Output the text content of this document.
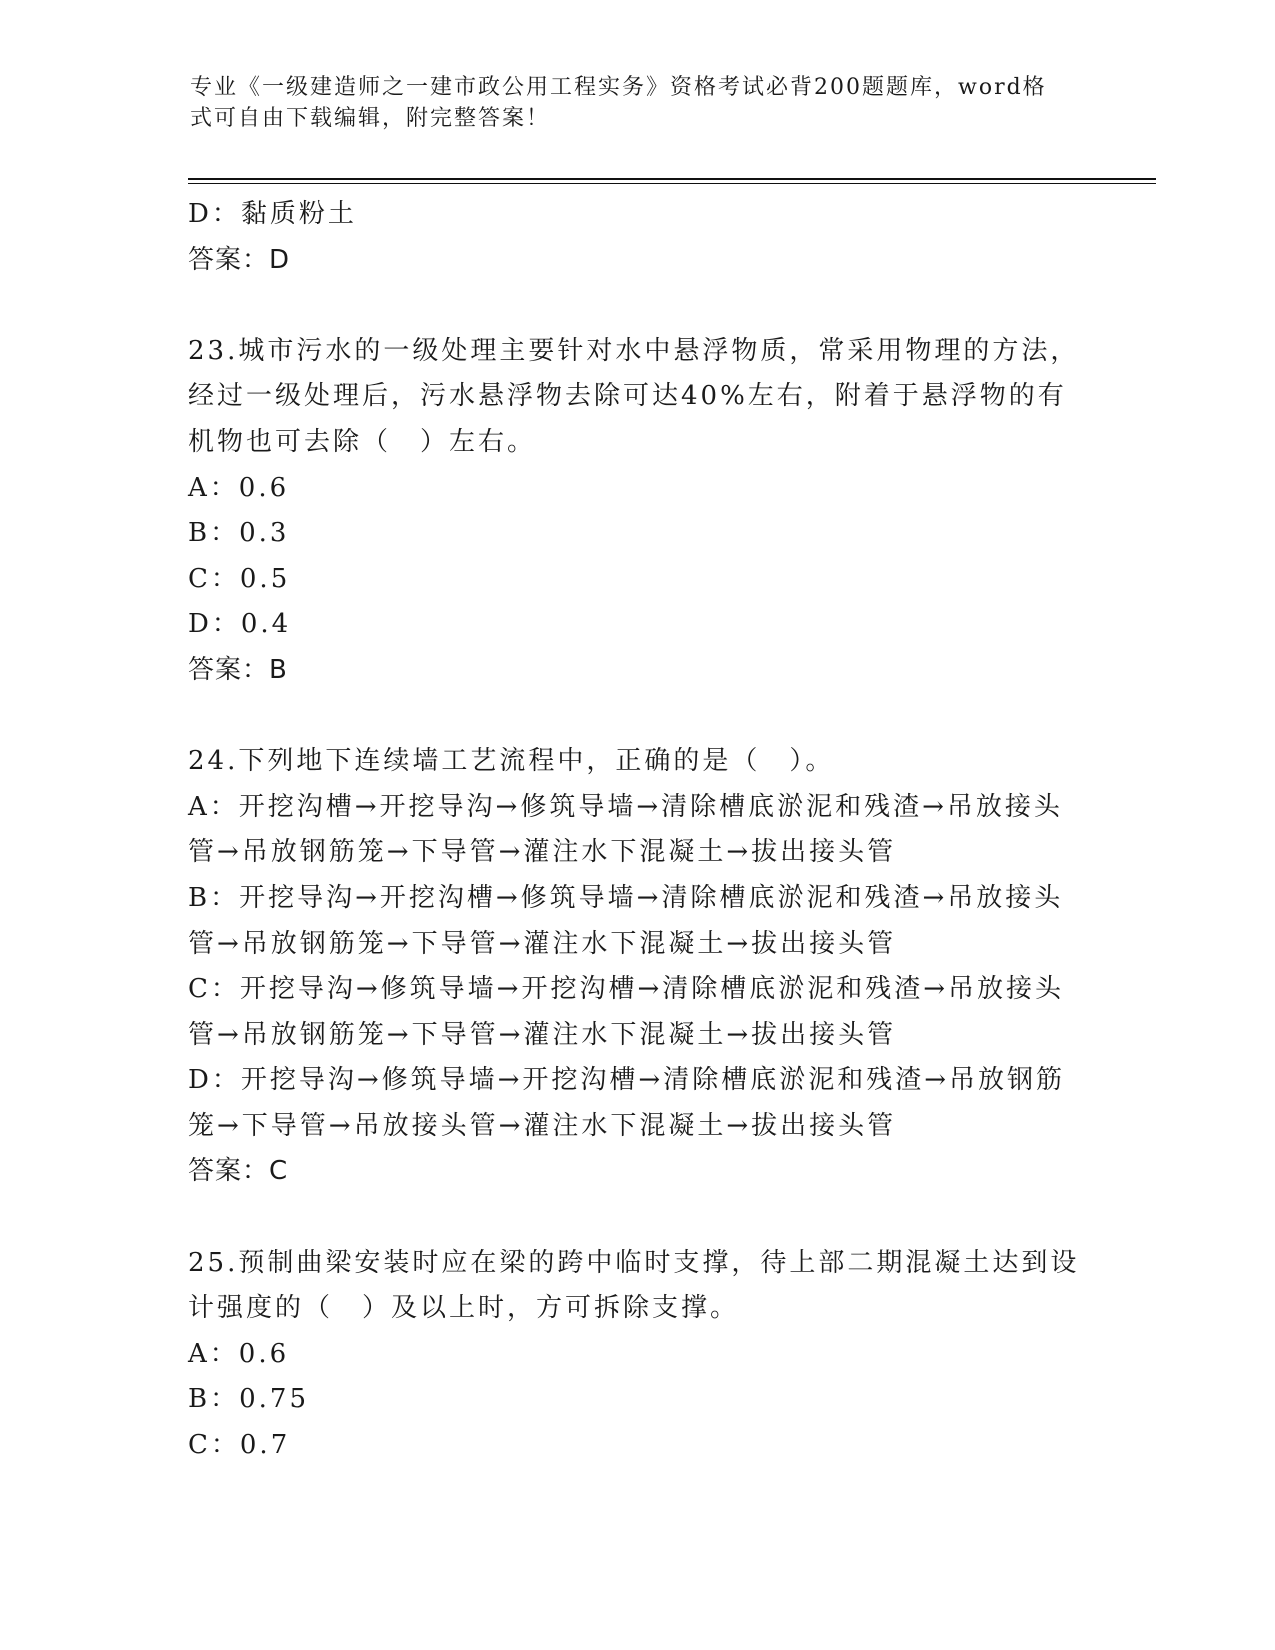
专业《一级建造师之一建市政公用工程实务》资格考试必背200题题库，word格
式可自由下载编辑，附完整答案！
D：黏质粉土
答案：D
23.城市污水的一级处理主要针对水中悬浮物质，常采用物理的方法，
经过一级处理后，污水悬浮物去除可达40%左右，附着于悬浮物的有
机物也可去除（　）左右。
A：0.6
B：0.3
C：0.5
D：0.4
答案：B
24.下列地下连续墙工艺流程中，正确的是（　）。
A：开挖沟槽→开挖导沟→修筑导墙→清除槽底淤泥和残渣→吊放接头
管→吊放钢筋笼→下导管→灌注水下混凝土→拔出接头管
B：开挖导沟→开挖沟槽→修筑导墙→清除槽底淤泥和残渣→吊放接头
管→吊放钢筋笼→下导管→灌注水下混凝土→拔出接头管
C：开挖导沟→修筑导墙→开挖沟槽→清除槽底淤泥和残渣→吊放接头
管→吊放钢筋笼→下导管→灌注水下混凝土→拔出接头管
D：开挖导沟→修筑导墙→开挖沟槽→清除槽底淤泥和残渣→吊放钢筋
笼→下导管→吊放接头管→灌注水下混凝土→拔出接头管
答案：C
25.预制曲梁安装时应在梁的跨中临时支撑，待上部二期混凝土达到设
计强度的（　）及以上时，方可拆除支撑。
A：0.6
B：0.75
C：0.7
